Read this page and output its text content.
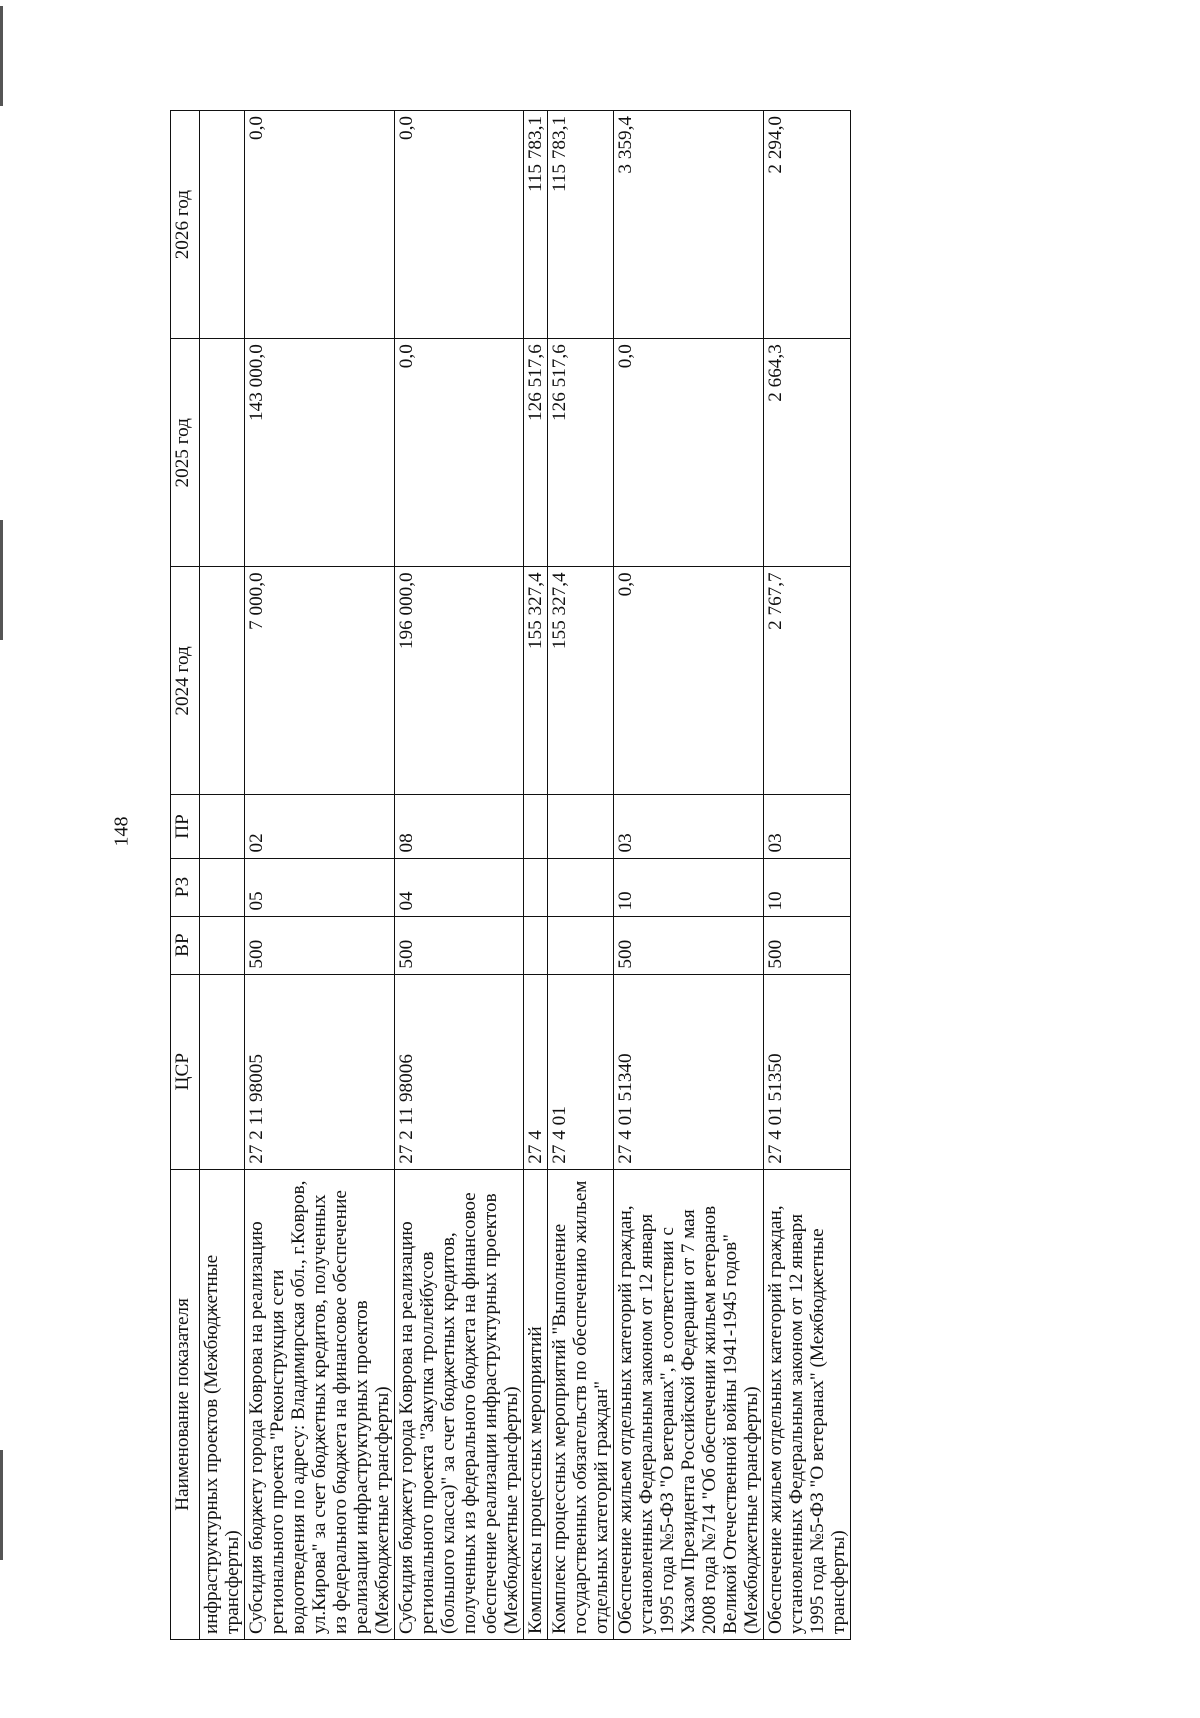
148
Наименование показателя	ЦСР	ВР	РЗ	ПР	2024 год	2025 год	2026 год
инфраструктурных проектов (Межбюджетные трансферты)							
Субсидия бюджету города Коврова на реализацию регионального проекта "Реконструкция сети водоотведения по адресу: Владимирская обл., г.Ковров, ул.Кирова" за счет бюджетных кредитов, полученных из федерального бюджета на финансовое обеспечение реализации инфраструктурных проектов (Межбюджетные трансферты)	27 2 11 98005	500	05	02	7 000,0	143 000,0	0,0
Субсидия бюджету города Коврова на реализацию регионального проекта "Закупка троллейбусов (большого класса)" за счет бюджетных кредитов, полученных из федерального бюджета на финансовое обеспечение реализации инфраструктурных проектов (Межбюджетные трансферты)	27 2 11 98006	500	04	08	196 000,0	0,0	0,0
Комплексы процессных мероприятий	27 4				155 327,4	126 517,6	115 783,1
Комплекс процессных мероприятий "Выполнение государственных обязательств по обеспечению жильем отдельных категорий граждан"	27 4 01				155 327,4	126 517,6	115 783,1
Обеспечение жильем отдельных категорий граждан, установленных Федеральным законом от 12 января 1995 года №5-ФЗ "О ветеранах", в соответствии с Указом Президента Российской Федерации от 7 мая 2008 года №714 "Об обеспечении жильем ветеранов Великой Отечественной войны 1941-1945 годов" (Межбюджетные трансферты)	27 4 01 51340	500	10	03	0,0	0,0	3 359,4
Обеспечение жильем отдельных категорий граждан, установленных Федеральным законом от 12 января 1995 года №5-ФЗ "О ветеранах" (Межбюджетные трансферты)	27 4 01 51350	500	10	03	2 767,7	2 664,3	2 294,0
